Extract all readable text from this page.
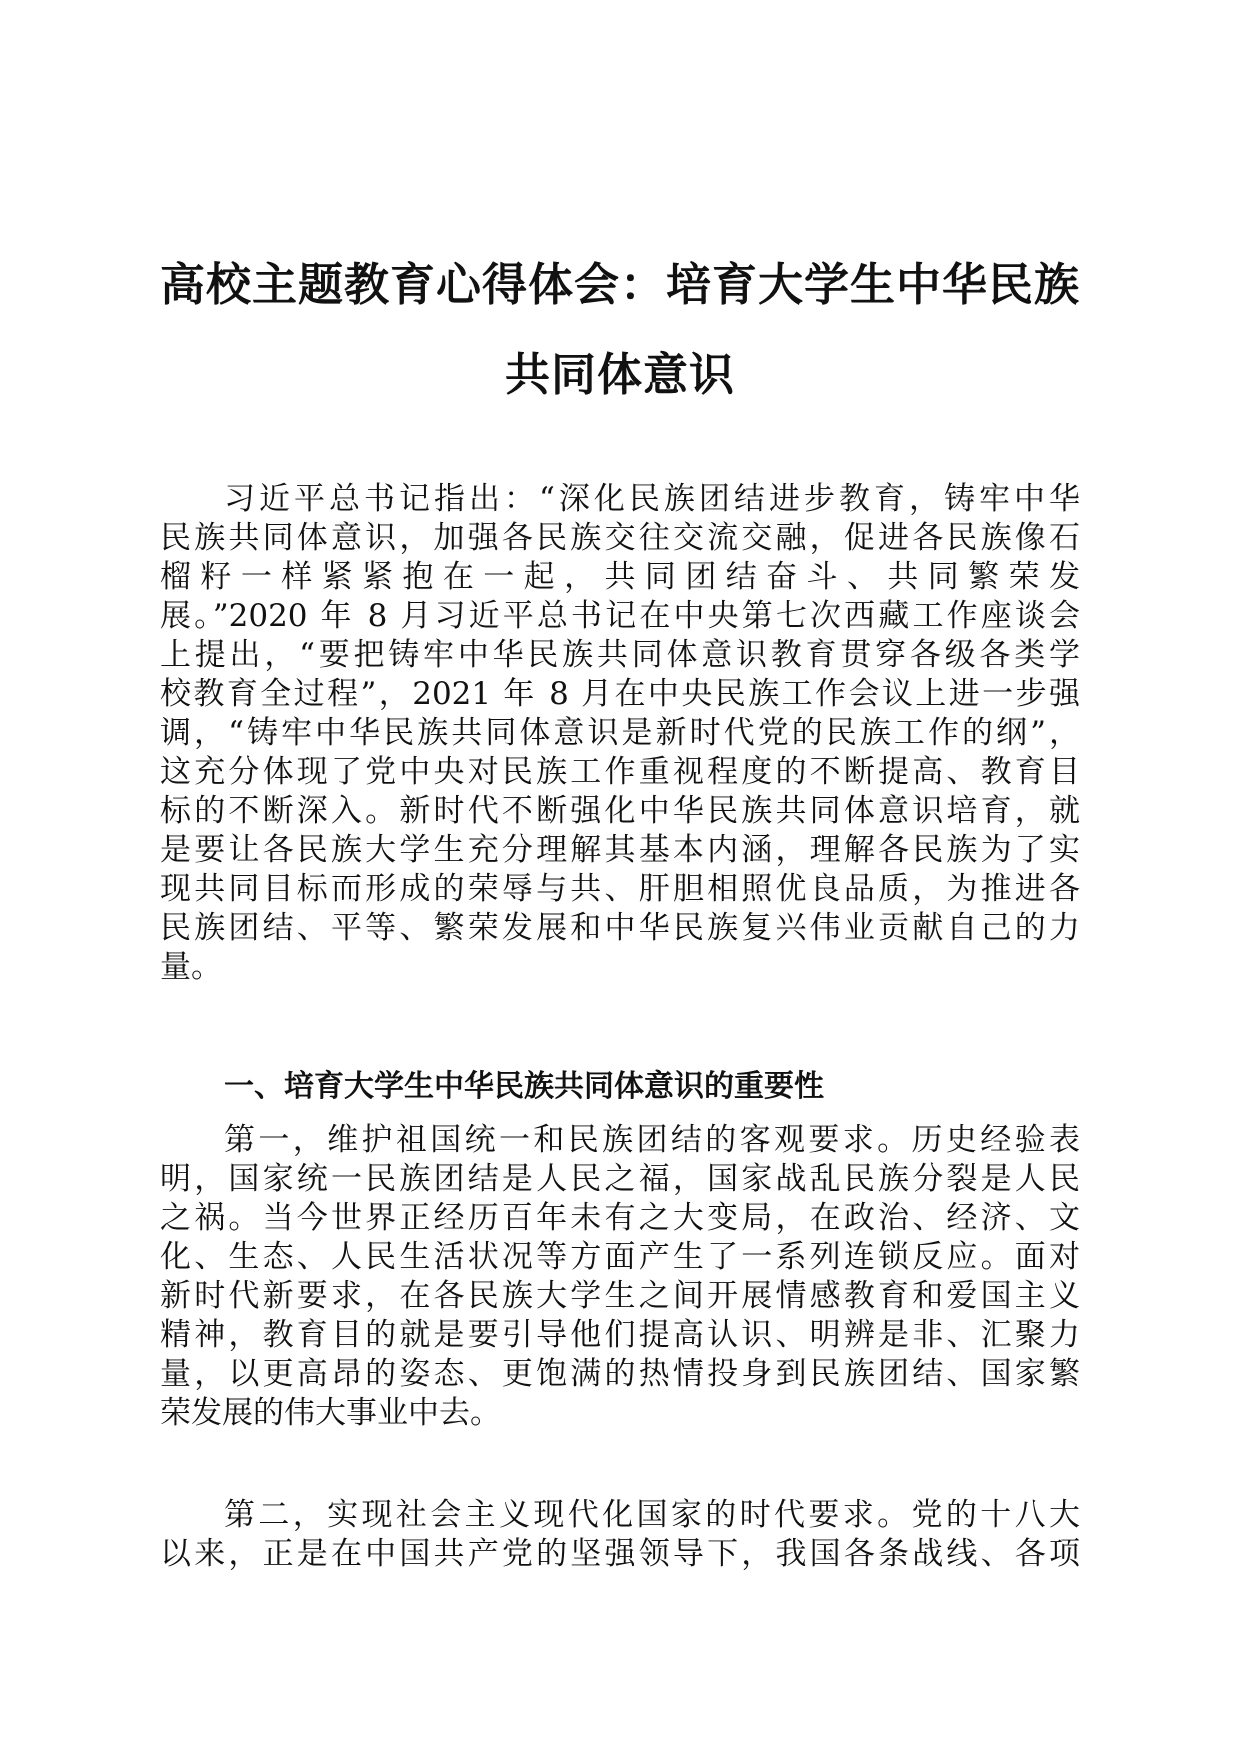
高校主题教育心得体会：培育大学生中华民族
共同体意识
习近平总书记指出：“深化民族团结进步教育，铸牢中华
民族共同体意识，加强各民族交往交流交融，促进各民族像石
榴籽一样紧紧抱在一起，共同团结奋斗、共同繁荣发
展。”2020 年 8 月习近平总书记在中央第七次西藏工作座谈会
上提出，“要把铸牢中华民族共同体意识教育贯穿各级各类学
校教育全过程”，2021 年 8 月在中央民族工作会议上进一步强
调，“铸牢中华民族共同体意识是新时代党的民族工作的纲”，
这充分体现了党中央对民族工作重视程度的不断提高、教育目
标的不断深入。新时代不断强化中华民族共同体意识培育，就
是要让各民族大学生充分理解其基本内涵，理解各民族为了实
现共同目标而形成的荣辱与共、肝胆相照优良品质，为推进各
民族团结、平等、繁荣发展和中华民族复兴伟业贡献自己的力
量。
一、培育大学生中华民族共同体意识的重要性
第一，维护祖国统一和民族团结的客观要求。历史经验表
明，国家统一民族团结是人民之福，国家战乱民族分裂是人民
之祸。当今世界正经历百年未有之大变局，在政治、经济、文
化、生态、人民生活状况等方面产生了一系列连锁反应。面对
新时代新要求，在各民族大学生之间开展情感教育和爱国主义
精神，教育目的就是要引导他们提高认识、明辨是非、汇聚力
量，以更高昂的姿态、更饱满的热情投身到民族团结、国家繁
荣发展的伟大事业中去。
第二，实现社会主义现代化国家的时代要求。党的十八大
以来，正是在中国共产党的坚强领导下，我国各条战线、各项
